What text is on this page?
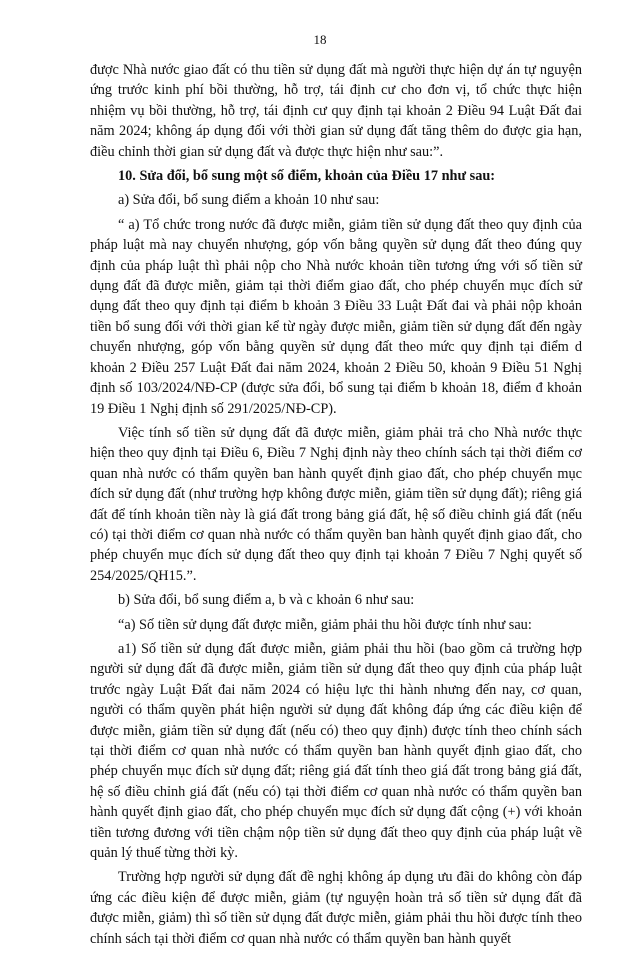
18

được Nhà nước giao đất có thu tiền sử dụng đất mà người thực hiện dự án tự nguyện ứng trước kinh phí bồi thường, hỗ trợ, tái định cư cho đơn vị, tổ chức thực hiện nhiệm vụ bồi thường, hỗ trợ, tái định cư quy định tại khoản 2 Điều 94 Luật Đất đai năm 2024; không áp dụng đối với thời gian sử dụng đất tăng thêm do được gia hạn, điều chỉnh thời gian sử dụng đất và được thực hiện như sau:”.

10. Sửa đổi, bổ sung một số điểm, khoản của Điều 17 như sau:

a) Sửa đổi, bổ sung điểm a khoản 10 như sau:

“ a) Tổ chức trong nước đã được miễn, giảm tiền sử dụng đất theo quy định của pháp luật mà nay chuyển nhượng, góp vốn bằng quyền sử dụng đất theo đúng quy định của pháp luật thì phải nộp cho Nhà nước khoản tiền tương ứng với số tiền sử dụng đất đã được miễn, giảm tại thời điểm giao đất, cho phép chuyển mục đích sử dụng đất theo quy định tại điểm b khoản 3 Điều 33 Luật Đất đai và phải nộp khoản tiền bổ sung đối với thời gian kể từ ngày được miễn, giảm tiền sử dụng đất đến ngày chuyển nhượng, góp vốn bằng quyền sử dụng đất theo mức quy định tại điểm d khoản 2 Điều 257 Luật Đất đai năm 2024, khoản 2 Điều 50, khoản 9 Điều 51 Nghị định số 103/2024/NĐ-CP (được sửa đổi, bổ sung tại điểm b khoản 18, điểm đ khoản 19 Điều 1 Nghị định số 291/2025/NĐ-CP).

Việc tính số tiền sử dụng đất đã được miễn, giảm phải trả cho Nhà nước thực hiện theo quy định tại Điều 6, Điều 7 Nghị định này theo chính sách tại thời điểm cơ quan nhà nước có thẩm quyền ban hành quyết định giao đất, cho phép chuyển mục đích sử dụng đất (như trường hợp không được miễn, giảm tiền sử dụng đất); riêng giá đất để tính khoản tiền này là giá đất trong bảng giá đất, hệ số điều chỉnh giá đất (nếu có) tại thời điểm cơ quan nhà nước có thẩm quyền ban hành quyết định giao đất, cho phép chuyển mục đích sử dụng đất theo quy định tại khoản 7 Điều 7 Nghị quyết số 254/2025/QH15.”.

b) Sửa đổi, bổ sung điểm a, b và c khoản 6 như sau:

“a) Số tiền sử dụng đất được miễn, giảm phải thu hồi được tính như sau:

a1) Số tiền sử dụng đất được miễn, giảm phải thu hồi (bao gồm cả trường hợp người sử dụng đất đã được miễn, giảm tiền sử dụng đất theo quy định của pháp luật trước ngày Luật Đất đai năm 2024 có hiệu lực thi hành nhưng đến nay, cơ quan, người có thẩm quyền phát hiện người sử dụng đất không đáp ứng các điều kiện để được miễn, giảm tiền sử dụng đất (nếu có) theo quy định) được tính theo chính sách tại thời điểm cơ quan nhà nước có thẩm quyền ban hành quyết định giao đất, cho phép chuyển mục đích sử dụng đất; riêng giá đất tính theo giá đất trong bảng giá đất, hệ số điều chỉnh giá đất (nếu có) tại thời điểm cơ quan nhà nước có thẩm quyền ban hành quyết định giao đất, cho phép chuyển mục đích sử dụng đất cộng (+) với khoản tiền tương đương với tiền chậm nộp tiền sử dụng đất theo quy định của pháp luật về quản lý thuế từng thời kỳ.

Trường hợp người sử dụng đất đề nghị không áp dụng ưu đãi do không còn đáp ứng các điều kiện để được miễn, giảm (tự nguyện hoàn trả số tiền sử dụng đất đã được miễn, giảm) thì số tiền sử dụng đất được miễn, giảm phải thu hồi được tính theo chính sách tại thời điểm cơ quan nhà nước có thẩm quyền ban hành quyết
